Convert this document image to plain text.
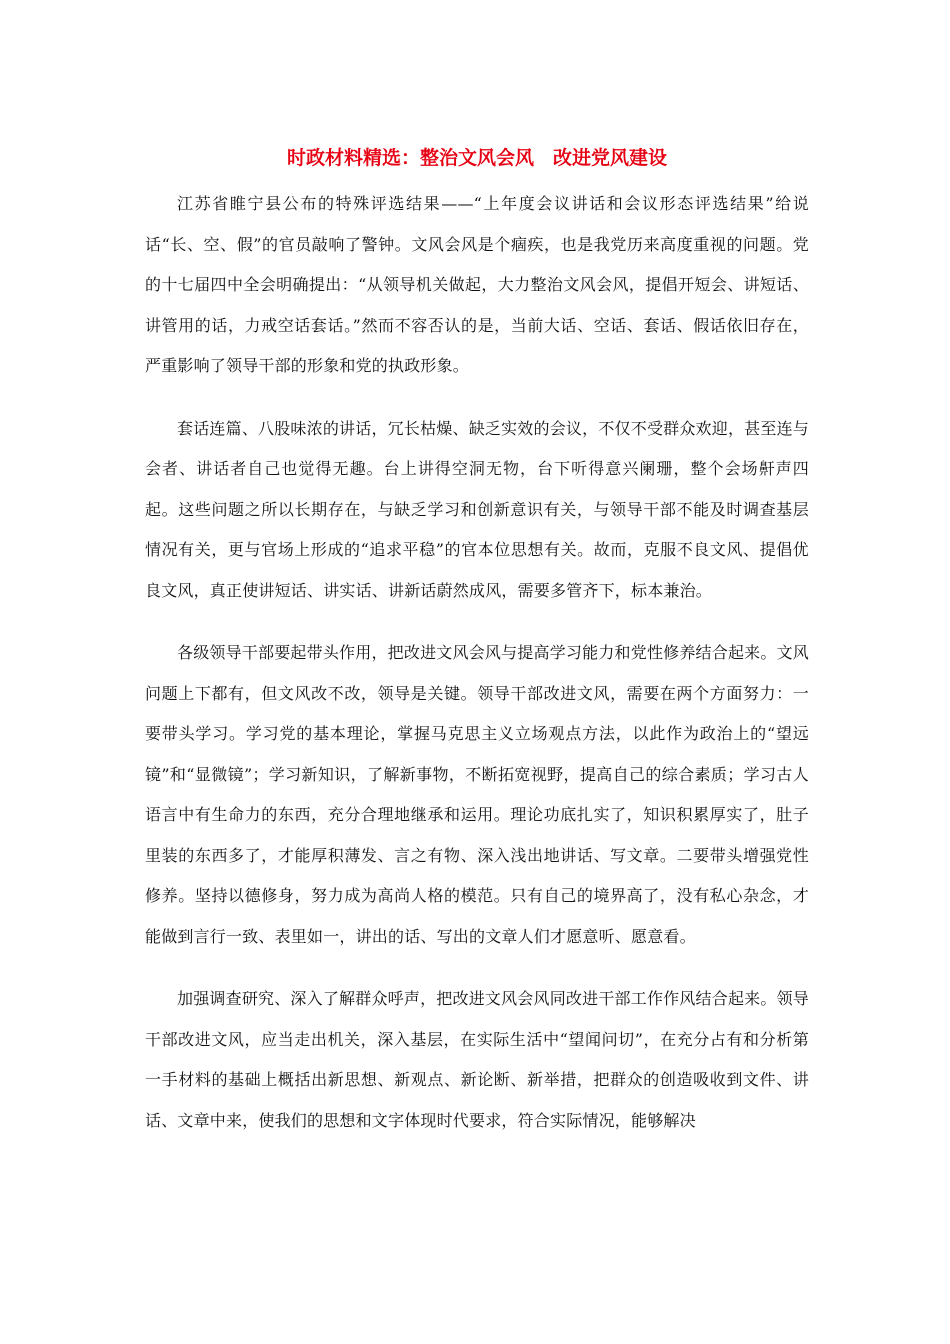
时政材料精选：整治文风会风　改进党风建设

江苏省睢宁县公布的特殊评选结果——“上年度会议讲话和会议形态评选结果”给说话“长、空、假”的官员敲响了警钟。文风会风是个痼疾，也是我党历来高度重视的问题。党的十七届四中全会明确提出：“从领导机关做起，大力整治文风会风，提倡开短会、讲短话、讲管用的话，力戒空话套话。”然而不容否认的是，当前大话、空话、套话、假话依旧存在，严重影响了领导干部的形象和党的执政形象。

套话连篇、八股味浓的讲话，冗长枯燥、缺乏实效的会议，不仅不受群众欢迎，甚至连与会者、讲话者自己也觉得无趣。台上讲得空洞无物，台下听得意兴阑珊，整个会场鼾声四起。这些问题之所以长期存在，与缺乏学习和创新意识有关，与领导干部不能及时调查基层情况有关，更与官场上形成的“追求平稳”的官本位思想有关。故而，克服不良文风、提倡优良文风，真正使讲短话、讲实话、讲新话蔚然成风，需要多管齐下，标本兼治。

各级领导干部要起带头作用，把改进文风会风与提高学习能力和党性修养结合起来。文风问题上下都有，但文风改不改，领导是关键。领导干部改进文风，需要在两个方面努力：一要带头学习。学习党的基本理论，掌握马克思主义立场观点方法，以此作为政治上的“望远镜”和“显微镜”；学习新知识，了解新事物，不断拓宽视野，提高自己的综合素质；学习古人语言中有生命力的东西，充分合理地继承和运用。理论功底扎实了，知识积累厚实了，肚子里装的东西多了，才能厚积薄发、言之有物、深入浅出地讲话、写文章。二要带头增强党性修养。坚持以德修身，努力成为高尚人格的模范。只有自己的境界高了，没有私心杂念，才能做到言行一致、表里如一，讲出的话、写出的文章人们才愿意听、愿意看。

加强调查研究、深入了解群众呼声，把改进文风会风同改进干部工作作风结合起来。领导干部改进文风，应当走出机关，深入基层，在实际生活中“望闻问切”，在充分占有和分析第一手材料的基础上概括出新思想、新观点、新论断、新举措，把群众的创造吸收到文件、讲话、文章中来，使我们的思想和文字体现时代要求，符合实际情况，能够解决
